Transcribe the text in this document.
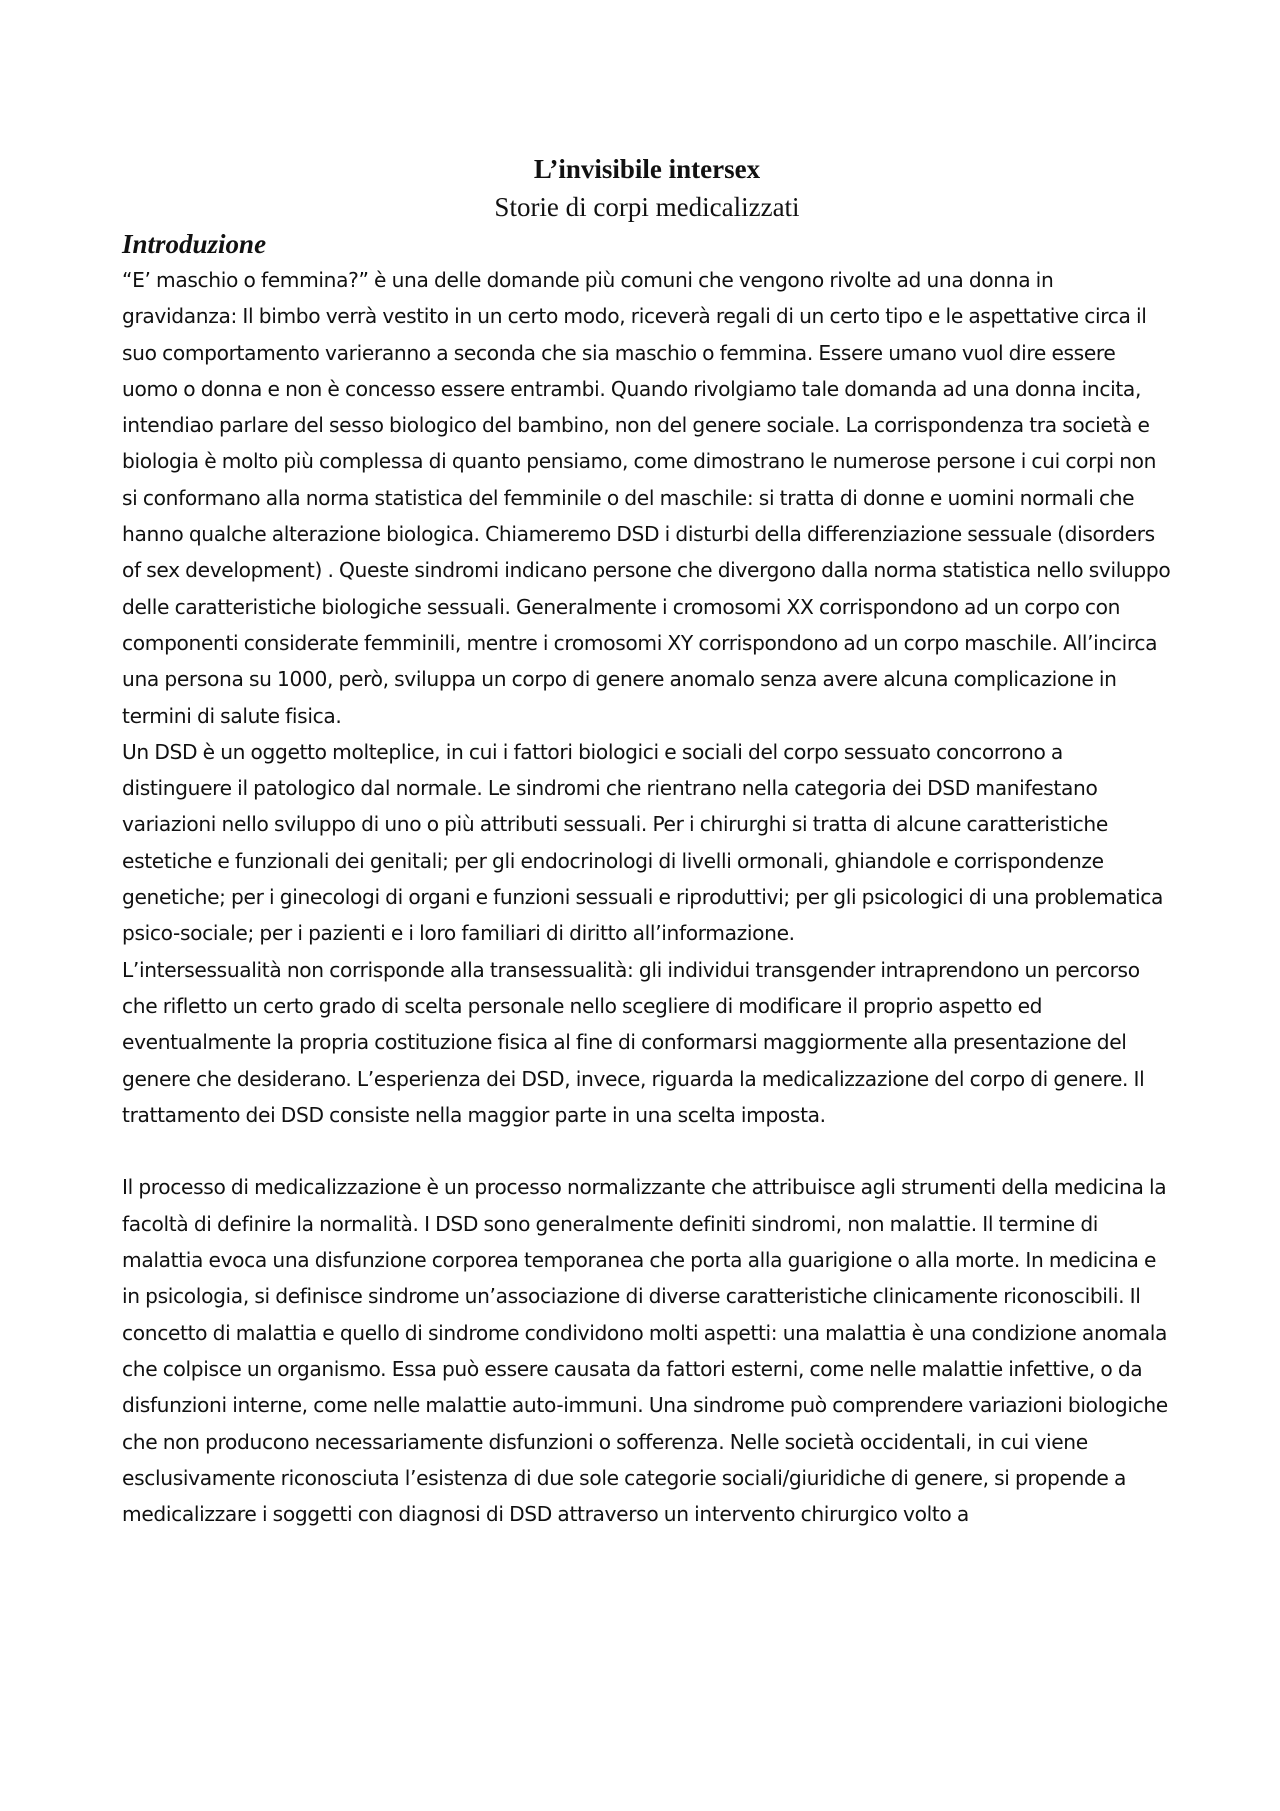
L’invisibile intersex
Storie di corpi medicalizzati
Introduzione

“E’ maschio o femmina?” è una delle domande più comuni che vengono rivolte ad una donna in gravidanza: Il bimbo verrà vestito in un certo modo, riceverà regali di un certo tipo e le aspettative circa il suo comportamento varieranno a seconda che sia maschio o femmina. Essere umano vuol dire essere uomo o donna e non è concesso essere entrambi. Quando rivolgiamo tale domanda ad una donna incita, intendiao parlare del sesso biologico del bambino, non del genere sociale. La corrispondenza tra società e biologia è molto più complessa di quanto pensiamo, come dimostrano le numerose persone i cui corpi non si conformano alla norma statistica del femminile o del maschile: si tratta di donne e uomini normali che hanno qualche alterazione biologica. Chiameremo DSD i disturbi della differenziazione sessuale (disorders of sex development) . Queste sindromi indicano persone che divergono dalla norma statistica nello sviluppo delle caratteristiche biologiche sessuali. Generalmente i cromosomi XX corrispondono ad un corpo con componenti considerate femminili, mentre i cromosomi XY corrispondono ad un corpo maschile. All’incirca una persona su 1000, però, sviluppa un corpo di genere anomalo senza avere alcuna complicazione in termini di salute fisica.

Un DSD è un oggetto molteplice, in cui i fattori biologici e sociali del corpo sessuato concorrono a distinguere il patologico dal normale. Le sindromi che rientrano nella categoria dei DSD manifestano variazioni nello sviluppo di uno o più attributi sessuali. Per i chirurghi si tratta di alcune caratteristiche estetiche e funzionali dei genitali; per gli endocrinologi di livelli ormonali, ghiandole e corrispondenze genetiche; per i ginecologi di organi e funzioni sessuali e riproduttivi; per gli psicologici di una problematica psico-sociale; per i pazienti e i loro familiari di diritto all’informazione.

L’intersessualità non corrisponde alla transessualità: gli individui transgender intraprendono un percorso che rifletto un certo grado di scelta personale nello scegliere di modificare il proprio aspetto ed eventualmente la propria costituzione fisica al fine di conformarsi maggiormente alla presentazione del genere che desiderano. L’esperienza dei DSD, invece, riguarda la medicalizzazione del corpo di genere. Il trattamento dei DSD consiste nella maggior parte in una scelta imposta.

Il processo di medicalizzazione è un processo normalizzante che attribuisce agli strumenti della medicina la facoltà di definire la normalità. I DSD sono generalmente definiti sindromi, non malattie. Il termine di malattia evoca una disfunzione corporea temporanea che porta alla guarigione o alla morte. In medicina e in psicologia, si definisce sindrome un’associazione di diverse caratteristiche clinicamente riconoscibili. Il concetto di malattia e quello di sindrome condividono molti aspetti: una malattia è una condizione anomala che colpisce un organismo. Essa può essere causata da fattori esterni, come nelle malattie infettive, o da disfunzioni interne, come nelle malattie auto-immuni. Una sindrome può comprendere variazioni biologiche che non producono necessariamente disfunzioni o sofferenza. Nelle società occidentali, in cui viene esclusivamente riconosciuta l’esistenza di due sole categorie sociali/giuridiche di genere, si propende a medicalizzare i soggetti con diagnosi di DSD attraverso un intervento chirurgico volto a
